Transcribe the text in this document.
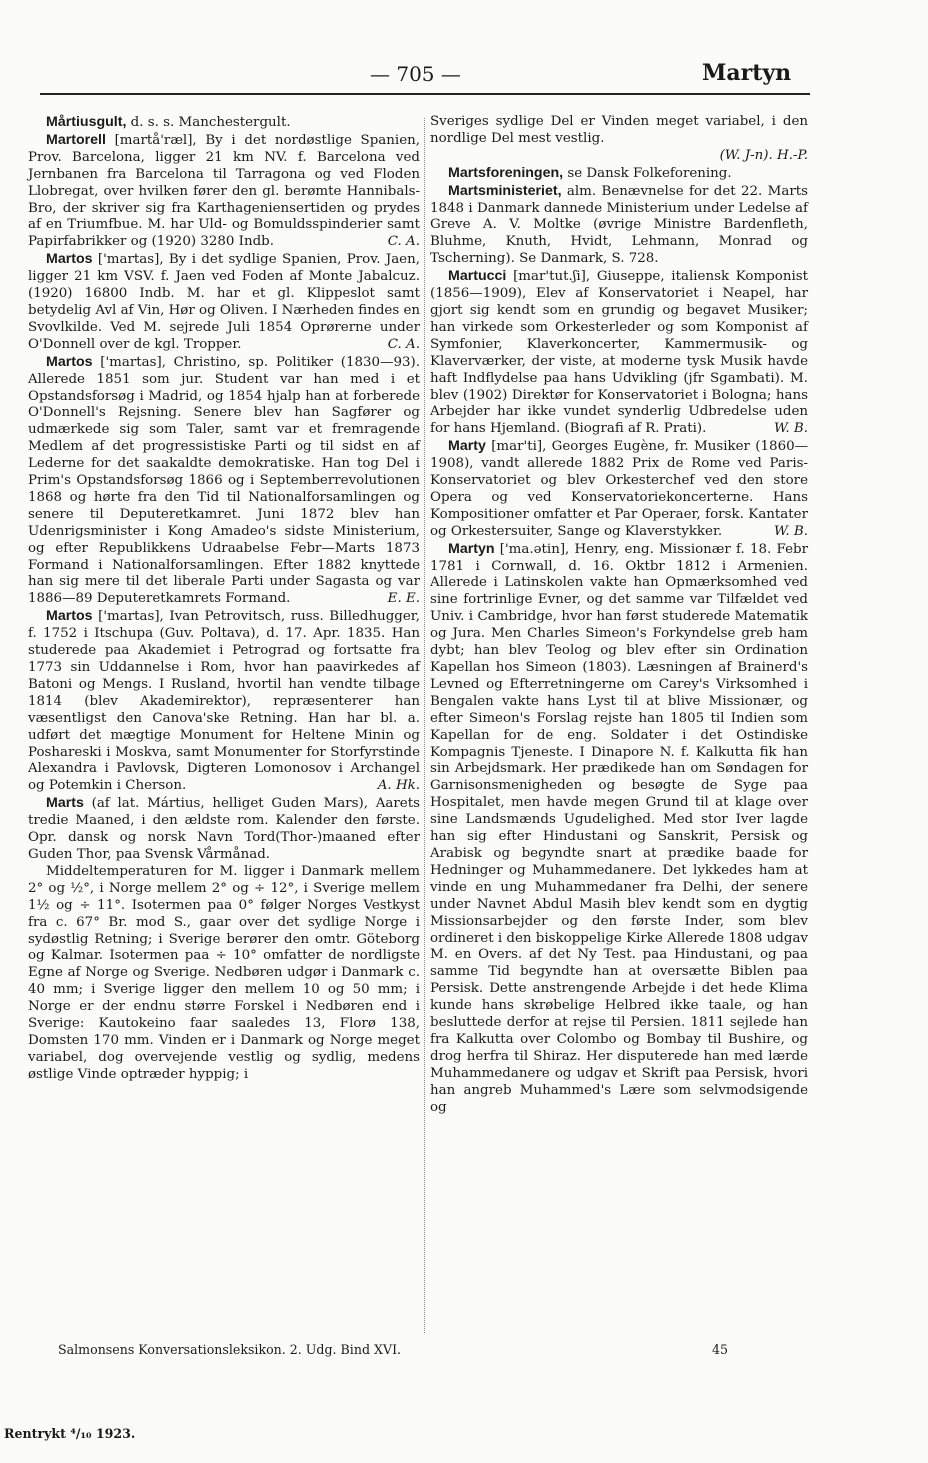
— 705 —	Martyn

Mårtiusgult, d. s. s. Manchestergult.

Martorell [martå'ræl], By i det nordøstlige Spanien, Prov. Barcelona, ligger 21 km NV. f. Barcelona ved Jernbanen fra Barcelona til Tarragona og ved Floden Llobregat, over hvilken fører den gl. berømte Hannibals-Bro, der skriver sig fra Karthageniensertiden og prydes af en Triumfbue. M. har Uld- og Bomuldsspinderier samt Papirfabrikker og (1920) 3280 Indb.	C. A.

Martos ['martas], By i det sydlige Spanien, Prov. Jaen, ligger 21 km VSV. f. Jaen ved Foden af Monte Jabalcuz. (1920) 16800 Indb. M. har et gl. Klippeslot samt betydelig Avl af Vin, Hør og Oliven. I Nærheden findes en Svovlkilde. Ved M. sejrede Juli 1854 Oprørerne under O'Donnell over de kgl. Tropper.	C. A.

Martos ['martas], Christino, sp. Politiker (1830—93). Allerede 1851 som jur. Student var han med i et Opstandsforsøg i Madrid, og 1854 hjalp han at forberede O'Donnell's Rejsning. Senere blev han Sagfører og udmærkede sig som Taler, samt var et fremragende Medlem af det progressistiske Parti og til sidst en af Lederne for det saakaldte demokratiske. Han tog Del i Prim's Opstandsforsøg 1866 og i Septemberrevolutionen 1868 og hørte fra den Tid til Nationalforsamlingen og senere til Deputeretkamret. Juni 1872 blev han Udenrigsminister i Kong Amadeo's sidste Ministerium, og efter Republikkens Udraabelse Febr—Marts 1873 Formand i Nationalforsamlingen. Efter 1882 knyttede han sig mere til det liberale Parti under Sagasta og var 1886—89 Deputeretkamrets Formand.	E. E.

Martos ['martas], Ivan Petrovitsch, russ. Billedhugger, f. 1752 i Itschupa (Guv. Poltava), d. 17. Apr. 1835. Han studerede paa Akademiet i Petrograd og fortsatte fra 1773 sin Uddannelse i Rom, hvor han paavirkedes af Batoni og Mengs. I Rusland, hvortil han vendte tilbage 1814 (blev Akademirektor), repræsenterer han væsentligst den Canova'ske Retning. Han har bl. a. udført det mægtige Monument for Heltene Minin og Poshareski i Moskva, samt Monumenter for Storfyrstinde Alexandra i Pavlovsk, Digteren Lomonosov i Archangel og Potemkin i Cherson.	A. Hk.

Marts (af lat. Mártius, helliget Guden Mars), Aarets tredie Maaned, i den ældste rom. Kalender den første. Opr. dansk og norsk Navn Tord(Thor-)maaned efter Guden Thor, paa Svensk Vårmånad.

Middeltemperaturen for M. ligger i Danmark mellem 2° og ½°, i Norge mellem 2° og ÷ 12°, i Sverige mellem 1½ og ÷ 11°. Isotermen paa 0° følger Norges Vestkyst fra c. 67° Br. mod S., gaar over det sydlige Norge i sydøstlig Retning; i Sverige berører den omtr. Göteborg og Kalmar. Isotermen paa ÷ 10° omfatter de nordligste Egne af Norge og Sverige. Nedbøren udgør i Danmark c. 40 mm; i Sverige ligger den mellem 10 og 50 mm; i Norge er der endnu større Forskel i Nedbøren end i Sverige: Kautokeino faar saaledes 13, Florø 138, Domsten 170 mm. Vinden er i Danmark og Norge meget variabel, dog overvejende vestlig og sydlig, medens østlige Vinde optræder hyppig; i

Sveriges sydlige Del er Vinden meget variabel, i den nordlige Del mest vestlig.
(W. J-n). H.-P.

Martsforeningen, se Dansk Folkeforening.

Martsministeriet, alm. Benævnelse for det 22. Marts 1848 i Danmark dannede Ministerium under Ledelse af Greve A. V. Moltke (øvrige Ministre Bardenfleth, Bluhme, Knuth, Hvidt, Lehmann, Monrad og Tscherning). Se Danmark, S. 728.

Martucci [mar'tut.ʃi], Giuseppe, italiensk Komponist (1856—1909), Elev af Konservatoriet i Neapel, har gjort sig kendt som en grundig og begavet Musiker; han virkede som Orkesterleder og som Komponist af Symfonier, Klaverkoncerter, Kammermusik- og Klaverværker, der viste, at moderne tysk Musik havde haft Indflydelse paa hans Udvikling (jfr Sgambati). M. blev (1902) Direktør for Konservatoriet i Bologna; hans Arbejder har ikke vundet synderlig Udbredelse uden for hans Hjemland. (Biografi af R. Prati).	W. B.

Marty [mar'ti], Georges Eugène, fr. Musiker (1860—1908), vandt allerede 1882 Prix de Rome ved Paris-Konservatoriet og blev Orkesterchef ved den store Opera og ved Konservatoriekoncerterne. Hans Kompositioner omfatter et Par Operaer, forsk. Kantater og Orkestersuiter, Sange og Klaverstykker.	W. B.

Martyn ['ma.ətin], Henry, eng. Missionær f. 18. Febr 1781 i Cornwall, d. 16. Oktbr 1812 i Armenien. Allerede i Latinskolen vakte han Opmærksomhed ved sine fortrinlige Evner, og det samme var Tilfældet ved Univ. i Cambridge, hvor han først studerede Matematik og Jura. Men Charles Simeon's Forkyndelse greb ham dybt; han blev Teolog og blev efter sin Ordination Kapellan hos Simeon (1803). Læsningen af Brainerd's Levned og Efterretningerne om Carey's Virksomhed i Bengalen vakte hans Lyst til at blive Missionær, og efter Simeon's Forslag rejste han 1805 til Indien som Kapellan for de eng. Soldater i det Ostindiske Kompagnis Tjeneste. I Dinapore N. f. Kalkutta fik han sin Arbejdsmark. Her prædikede han om Søndagen for Garnisonsmenigheden og besøgte de Syge paa Hospitalet, men havde megen Grund til at klage over sine Landsmænds Ugudelighed. Med stor Iver lagde han sig efter Hindustani og Sanskrit, Persisk og Arabisk og begyndte snart at prædike baade for Hedninger og Muhammedanere. Det lykkedes ham at vinde en ung Muhammedaner fra Delhi, der senere under Navnet Abdul Masih blev kendt som en dygtig Missionsarbejder og den første Inder, som blev ordineret i den biskoppelige Kirke Allerede 1808 udgav M. en Overs. af det Ny Test. paa Hindustani, og paa samme Tid begyndte han at oversætte Biblen paa Persisk. Dette anstrengende Arbejde i det hede Klima kunde hans skrøbelige Helbred ikke taale, og han besluttede derfor at rejse til Persien. 1811 sejlede han fra Kalkutta over Colombo og Bombay til Bushire, og drog herfra til Shiraz. Her disputerede han med lærde Muhammedanere og udgav et Skrift paa Persisk, hvori han angreb Muhammed's Lære som selvmodsigende og

Salmonsens Konversationsleksikon. 2. Udg. Bind XVI.	45
Rentrykt ⁴/₁₀ 1923.
